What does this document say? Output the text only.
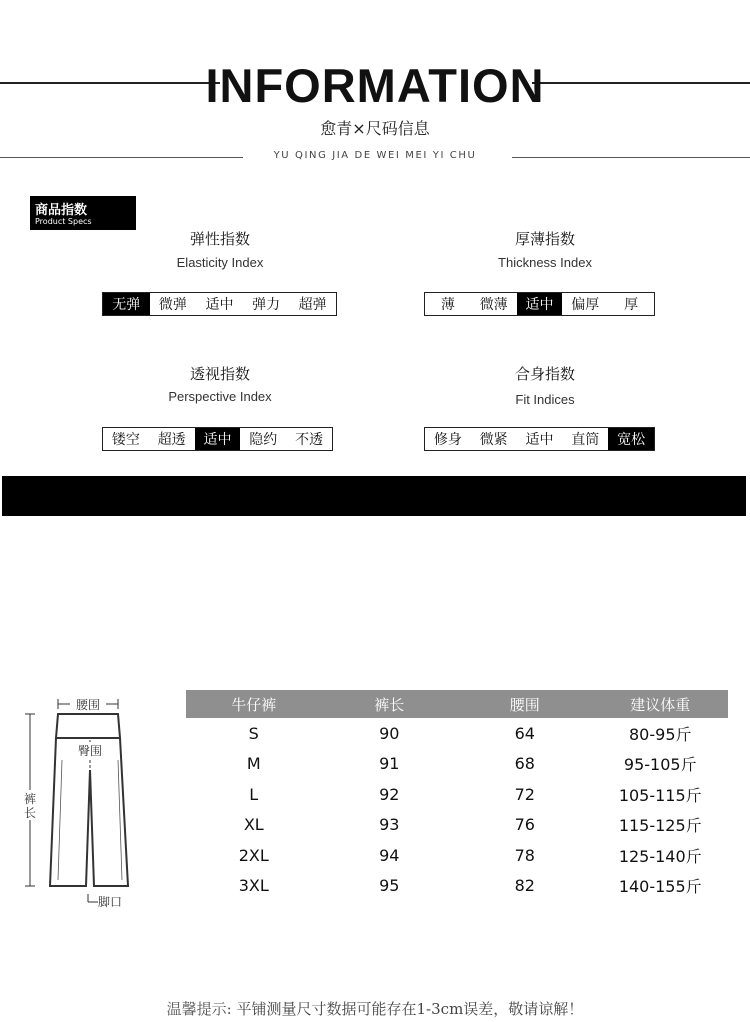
INFORMATION
愈青×尺码信息
YU QING JIA DE WEI MEI YI CHU
商品指数
Product Specs
弹性指数
Elasticity Index
无弹	微弹	适中	弹力	超弹
厚薄指数
Thickness Index
薄	微薄	适中	偏厚	厚
透视指数
Perspective Index
镂空	超透	适中	隐约	不透
合身指数
Fit Indices
修身	微紧	适中	直筒	宽松
腰围
裤
长
臀围
脚口
牛仔裤	裤长	腰围	建议体重
S	90	64	80-95斤
M	91	68	95-105斤
L	92	72	105-115斤
XL	93	76	115-125斤
2XL	94	78	125-140斤
3XL	95	82	140-155斤
温馨提示: 平铺测量尺寸数据可能存在1-3cm误差，敬请谅解！
